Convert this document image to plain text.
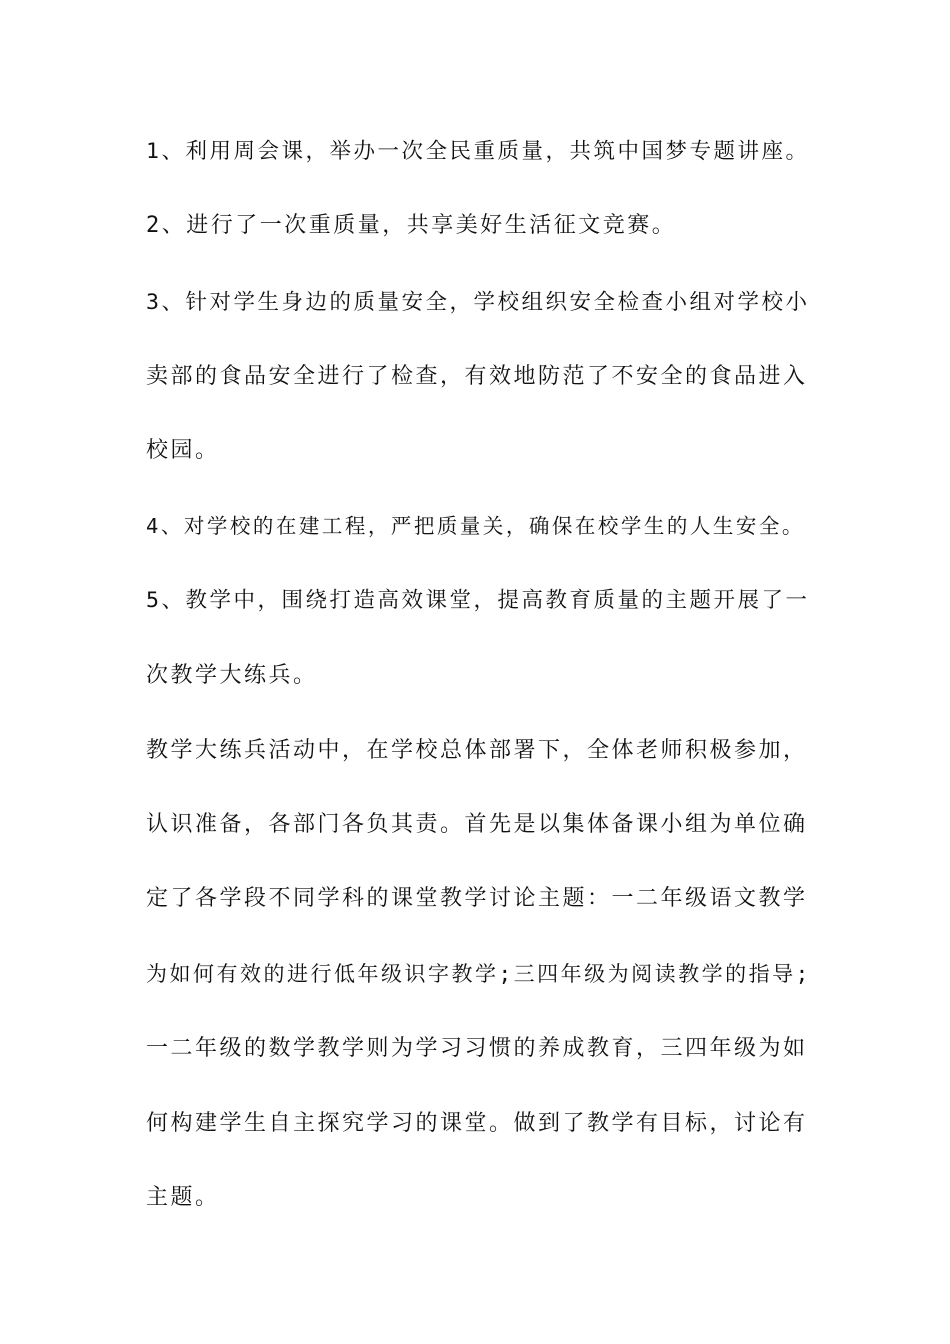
1、利用周会课，举办一次全民重质量，共筑中国梦专题讲座。
2、进行了一次重质量，共享美好生活征文竞赛。
3、针对学生身边的质量安全，学校组织安全检查小组对学校小
卖部的食品安全进行了检查，有效地防范了不安全的食品进入
校园。
4、对学校的在建工程，严把质量关，确保在校学生的人生安全。
5、教学中，围绕打造高效课堂，提高教育质量的主题开展了一
次教学大练兵。
教学大练兵活动中，在学校总体部署下，全体老师积极参加，
认识准备，各部门各负其责。首先是以集体备课小组为单位确
定了各学段不同学科的课堂教学讨论主题：一二年级语文教学
为如何有效的进行低年级识字教学;三四年级为阅读教学的指导;
一二年级的数学教学则为学习习惯的养成教育，三四年级为如
何构建学生自主探究学习的课堂。做到了教学有目标，讨论有
主题。
